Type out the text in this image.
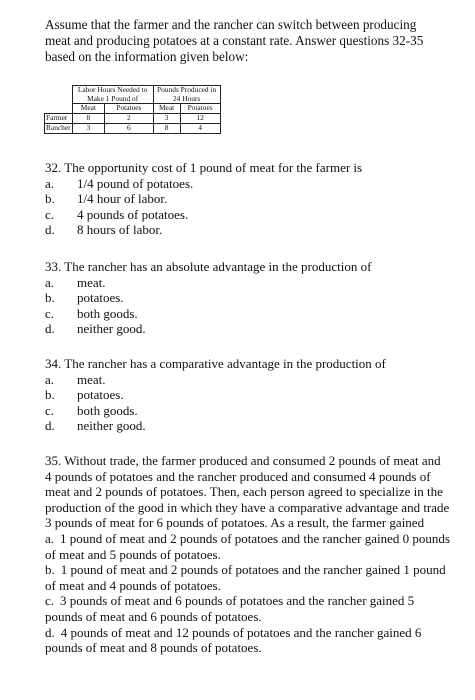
Assume that the farmer and the rancher can switch between producing meat and producing potatoes at a constant rate. Answer questions 32-35 based on the information given below:

	Labor Hours Needed to Make 1 Pound of		Pounds Produced in 24 Hours	
	Meat	Potatoes	Meat	Potatoes
Farmer	8	2	3	12
Rancher	3	6	8	4

32. The opportunity cost of 1 pound of meat for the farmer is

a.	1/4 pound of potatoes.
b.	1/4 hour of labor.
c.	4 pounds of potatoes.
d.	8 hours of labor.

33. The rancher has an absolute advantage in the production of

a.	meat.
b.	potatoes.
c.	both goods.
d.	neither good.

34. The rancher has a comparative advantage in the production of

a.	meat.
b.	potatoes.
c.	both goods.
d.	neither good.

35. Without trade, the farmer produced and consumed 2 pounds of meat and 4 pounds of potatoes and the rancher produced and consumed 4 pounds of meat and 2 pounds of potatoes. Then, each person agreed to specialize in the production of the good in which they have a comparative advantage and trade 3 pounds of meat for 6 pounds of potatoes. As a result, the farmer gained

a. 1 pound of meat and 2 pounds of potatoes and the rancher gained 0 pounds of meat and 5 pounds of potatoes.
b. 1 pound of meat and 2 pounds of potatoes and the rancher gained 1 pound of meat and 4 pounds of potatoes.
c. 3 pounds of meat and 6 pounds of potatoes and the rancher gained 5 pounds of meat and 6 pounds of potatoes.
d. 4 pounds of meat and 12 pounds of potatoes and the rancher gained 6 pounds of meat and 8 pounds of potatoes.
